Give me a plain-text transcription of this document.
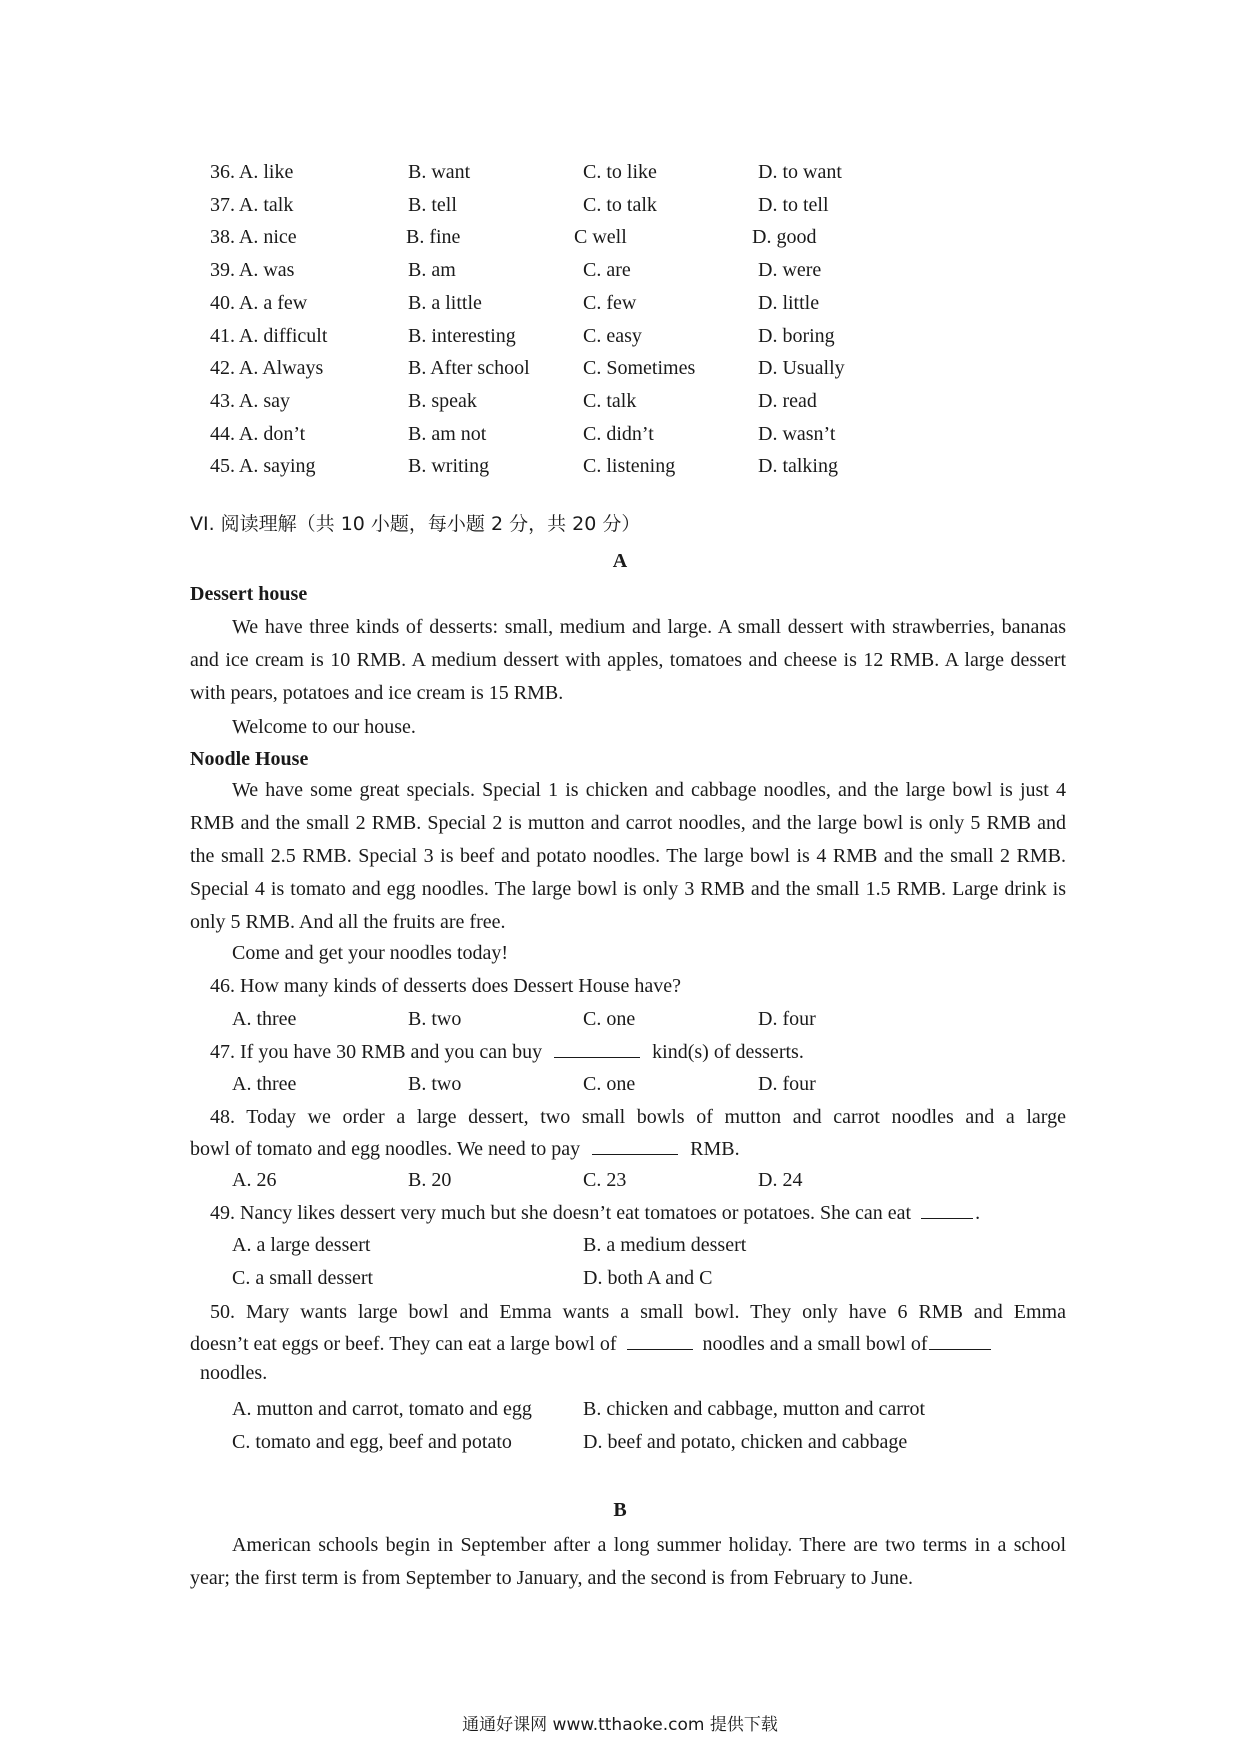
36. A. like	B. want	C. to like	D. to want
37. A. talk	B. tell	C. to talk	D. to tell
38. A. nice	B. fine	C well	D. good
39. A. was	B. am	C. are	D. were
40. A. a few	B. a little	C. few	D. little
41. A. difficult	B. interesting	C. easy	D. boring
42. A. Always	B. After school	C. Sometimes	D. Usually
43. A. say	B. speak	C. talk	D. read
44. A. don’t	B. am not	C. didn’t	D. wasn’t
45. A. saying	B. writing	C. listening	D. talking
VI. 阅读理解（共 10 小题，每小题 2 分，共 20 分）
A
Dessert house
We have three kinds of desserts: small, medium and large. A small dessert with strawberries, bananas and ice cream is 10 RMB. A medium dessert with apples, tomatoes and cheese is 12 RMB. A large dessert with pears, potatoes and ice cream is 15 RMB.
Welcome to our house.
Noodle House
We have some great specials. Special 1 is chicken and cabbage noodles, and the large bowl is just 4 RMB and the small 2 RMB. Special 2 is mutton and carrot noodles, and the large bowl is only 5 RMB and the small 2.5 RMB. Special 3 is beef and potato noodles. The large bowl is 4 RMB and the small 2 RMB. Special 4 is tomato and egg noodles. The large bowl is only 3 RMB and the small 1.5 RMB. Large drink is only 5 RMB. And all the fruits are free.
Come and get your noodles today!
46. How many kinds of desserts does Dessert House have?
A. three	B. two	C. one	D. four
47. If you have 30 RMB and you can buy	kind(s) of desserts.
A. three	B. two	C. one	D. four
48. Today we order a large dessert, two small bowls of mutton and carrot noodles and a large
bowl of tomato and egg noodles. We need to pay	RMB.
A. 26	B. 20	C. 23	D. 24
49. Nancy likes dessert very much but she doesn’t eat tomatoes or potatoes. She can eat	.
A. a large dessert	B. a medium dessert
C. a small dessert	D. both A and C
50. Mary wants large bowl and Emma wants a small bowl. They only have 6 RMB and Emma
doesn’t eat eggs or beef. They can eat a large bowl of	noodles and a small bowl of
noodles.
A. mutton and carrot, tomato and egg	B. chicken and cabbage, mutton and carrot
C. tomato and egg, beef and potato	D. beef and potato, chicken and cabbage
B
American schools begin in September after a long summer holiday. There are two terms in a school year; the first term is from September to January, and the second is from February to June.
通通好课网 www.tthaoke.com 提供下载
